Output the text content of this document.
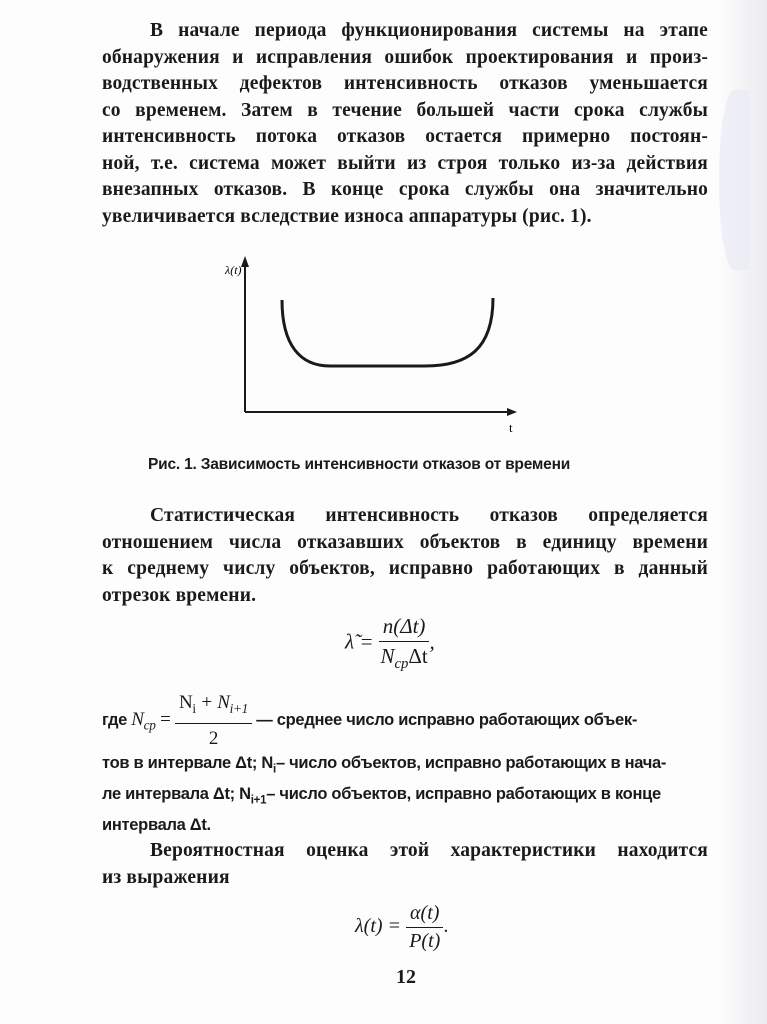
В начале периода функционирования системы на этапе
обнаружения и исправления ошибок проектирования и произ-
водственных дефектов интенсивность отказов уменьшается
со временем. Затем в течение большей части срока службы
интенсивность потока отказов остается примерно постоян-
ной, т.е. система может выйти из строя только из-за действия
внезапных отказов. В конце срока службы она значительно
увеличивается вследствие износа аппаратуры (рис. 1).
λ(t)
t
Рис. 1. Зависимость интенсивности отказов от времени
Статистическая интенсивность отказов определяется
отношением числа отказавших объектов в единицу времени
к среднему числу объектов, исправно работающих в данный
отрезок времени.
λ̃ = $\frac{n(\Delta t)}{N_{cp}\Delta t}$ ,
где $N_{cp} = \frac{N_i + N_{i+1}}{2}$ — среднее число исправно работающих объек-
тов в интервале Δt; $N_i-$ число объектов, исправно работающих в нача-
ле интервала Δt; $N_{i+1}-$ число объектов, исправно работающих в конце
интервала Δt.
Вероятностная оценка этой характеристики находится
из выражения
$\lambda(t) = \frac{\alpha(t)}{P(t)}$ .
12
